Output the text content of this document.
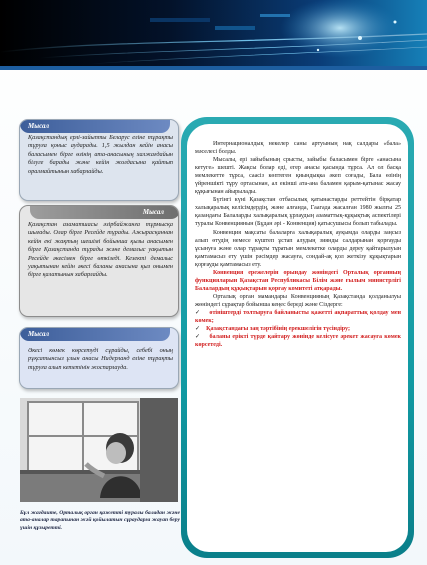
Мысал

Қазақстандық ерлі-зайыпты Беларус еліне тұрақты тұруға қоныс аударады. 1,5 жылдан кейін анасы баласымен бірге өзінің ата-анасының халжағдайын білуге барады және кейін жолдасына қайтып оралмайтынын хабарлайды.

Мысал

Қазақстан азаматшасы әзірбайжанға тұрмысқа шығады. Олар бірге Ресейде тұрады. Ажырасқаннан кейін екі жақтың шешімі бойынша қызы анасымен бірге Қазақстанда тұрады және демалыс уақытын Ресейде әкесімен бірге өткізеді. Кезекті демалыс уақытынан кейін әкесі баланы анасына қыз онымен бірге қалатынын хабарлайды.

Мысал

Әкесі көмек көрсетуді сұрайды, себебі оның рұқсатынсыз ұлын анасы Нидерланд еліне тұрақты тұруға алып кететінін жоспарлауда.

Бұл жағдаите, Орталық орган қажетті туралы баладан және ата-аналар тарапынан жәй қойылатын сұраударға жауап беру үшін құзыретті.

Интернационалдық некелер саны артуының нақ салдары «бала» мәселесі болды.

Мысалы, ері зайыбының срысты, зайыбы баласымен бірге «анасына кетуге» шешті. Жақсы болар еді, егер анасы қасында тұрса. Ал ол басқа мемлекетте тұрса, саасіз көптеген қиындықка әкеп соғады, Бала өзінің үйреншікті тұру ортасынан, ал екінші ата-ана баламен қарым-қатынас жасау құқығынан айырылады.

Бүгінгі күні Қазақстан отбасылық қатынастарды реттейтін бірқатар халықаралық келісімдердің, және алғанда, Гаагада жасалған 1980 жылғы 25 қазандағы Балаларды халықаралық ұрлаудың азаматтық-құқықтық аспектілері туралы Конвенциянын (Бұдан әрі - Конвенция) қатысушысы болып табылады.

Конвенция мақсаты балаларға халықаралық ауқымда оларды заңсыз алып өтудің немесе күштеп ұстап алудың зиянды салдарынан қорғауды ұсынуға және олар тұрақты тұратын мемлекетке оларды дереу қайтарылуын қамтамасыз ету үшін рәсімдер жасауға, сондай-ақ қол жеткізу құқықтарын қорғауды қамтамасыз ету.

Конвенция ережелерін орындау жөніндегі Орталық органның функцияларын Қазақстан Республикасы Білім және ғылым министрлігі Балалардың құқықтарын қорғау комитеті атқарады.

Орталық орган мамандары Конвенцияның Қазақстанда қолданылуы жөніндегі сұрақтар бойынша кеңес береді және Сіздерге:

✓ өтініштерді толтыруға байланысты қажетті ақпараттық қолдау мен көмек;

✓ Қазақстандағы заң тәртібінің ерекшелігін түсіндіру;

✓ баланы ерікті түрде қайтару жөнінде келісуге әрекет жасауға көмек көрсетеді.
